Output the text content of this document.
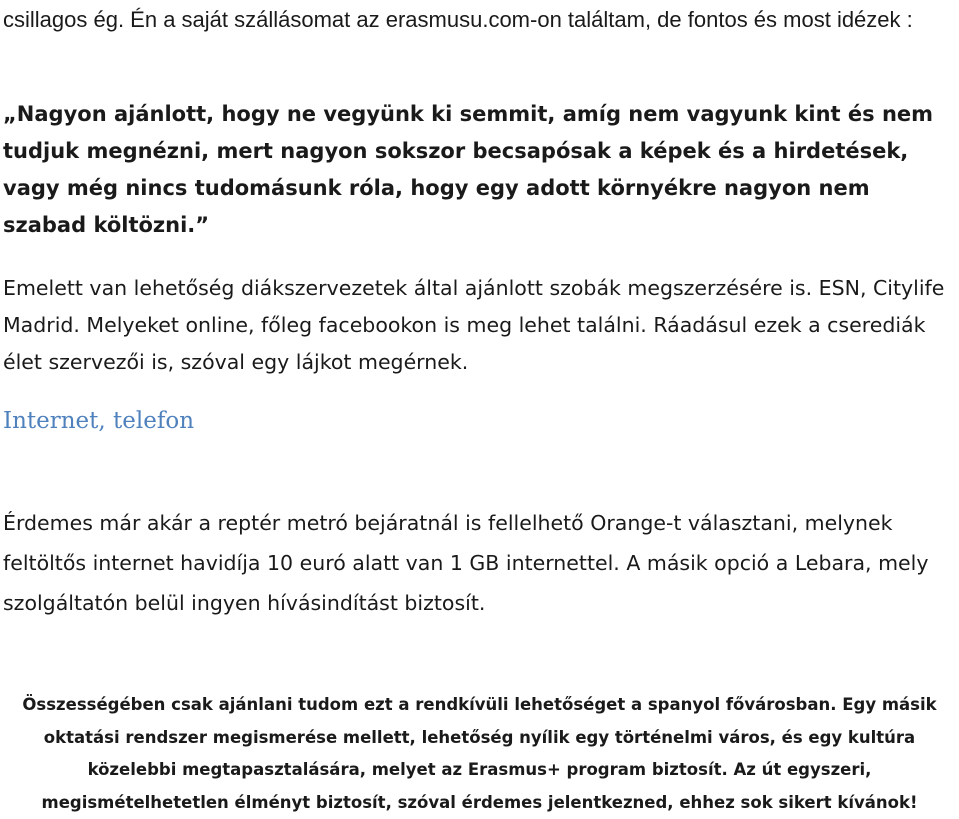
csillagos ég. Én a saját szállásomat az erasmusu.com-on találtam, de fontos és most idézek :

„Nagyon ajánlott, hogy ne vegyünk ki semmit, amíg nem vagyunk kint és nem tudjuk megnézni, mert nagyon sokszor becsapósak a képek és a hirdetések, vagy még nincs tudomásunk róla, hogy egy adott környékre nagyon nem szabad költözni.”

Emelett van lehetőség diákszervezetek által ajánlott szobák megszerzésére is. ESN, Citylife Madrid. Melyeket online, főleg facebookon is meg lehet találni. Ráadásul ezek a cserediák élet szervezői is, szóval egy lájkot megérnek.

Internet, telefon

Érdemes már akár a reptér metró bejáratnál is fellelhető Orange-t választani, melynek feltöltős internet havidíja 10 euró alatt van 1 GB internettel. A másik opció a Lebara, mely szolgáltatón belül ingyen hívásindítást biztosít.

Összességében csak ajánlani tudom ezt a rendkívüli lehetőséget a spanyol fővárosban. Egy másik oktatási rendszer megismerése mellett, lehetőség nyílik egy történelmi város, és egy kultúra közelebbi megtapasztalására, melyet az Erasmus+ program biztosít. Az út egyszeri, megismételhetetlen élményt biztosít, szóval érdemes jelentkezned, ehhez sok sikert kívánok!
